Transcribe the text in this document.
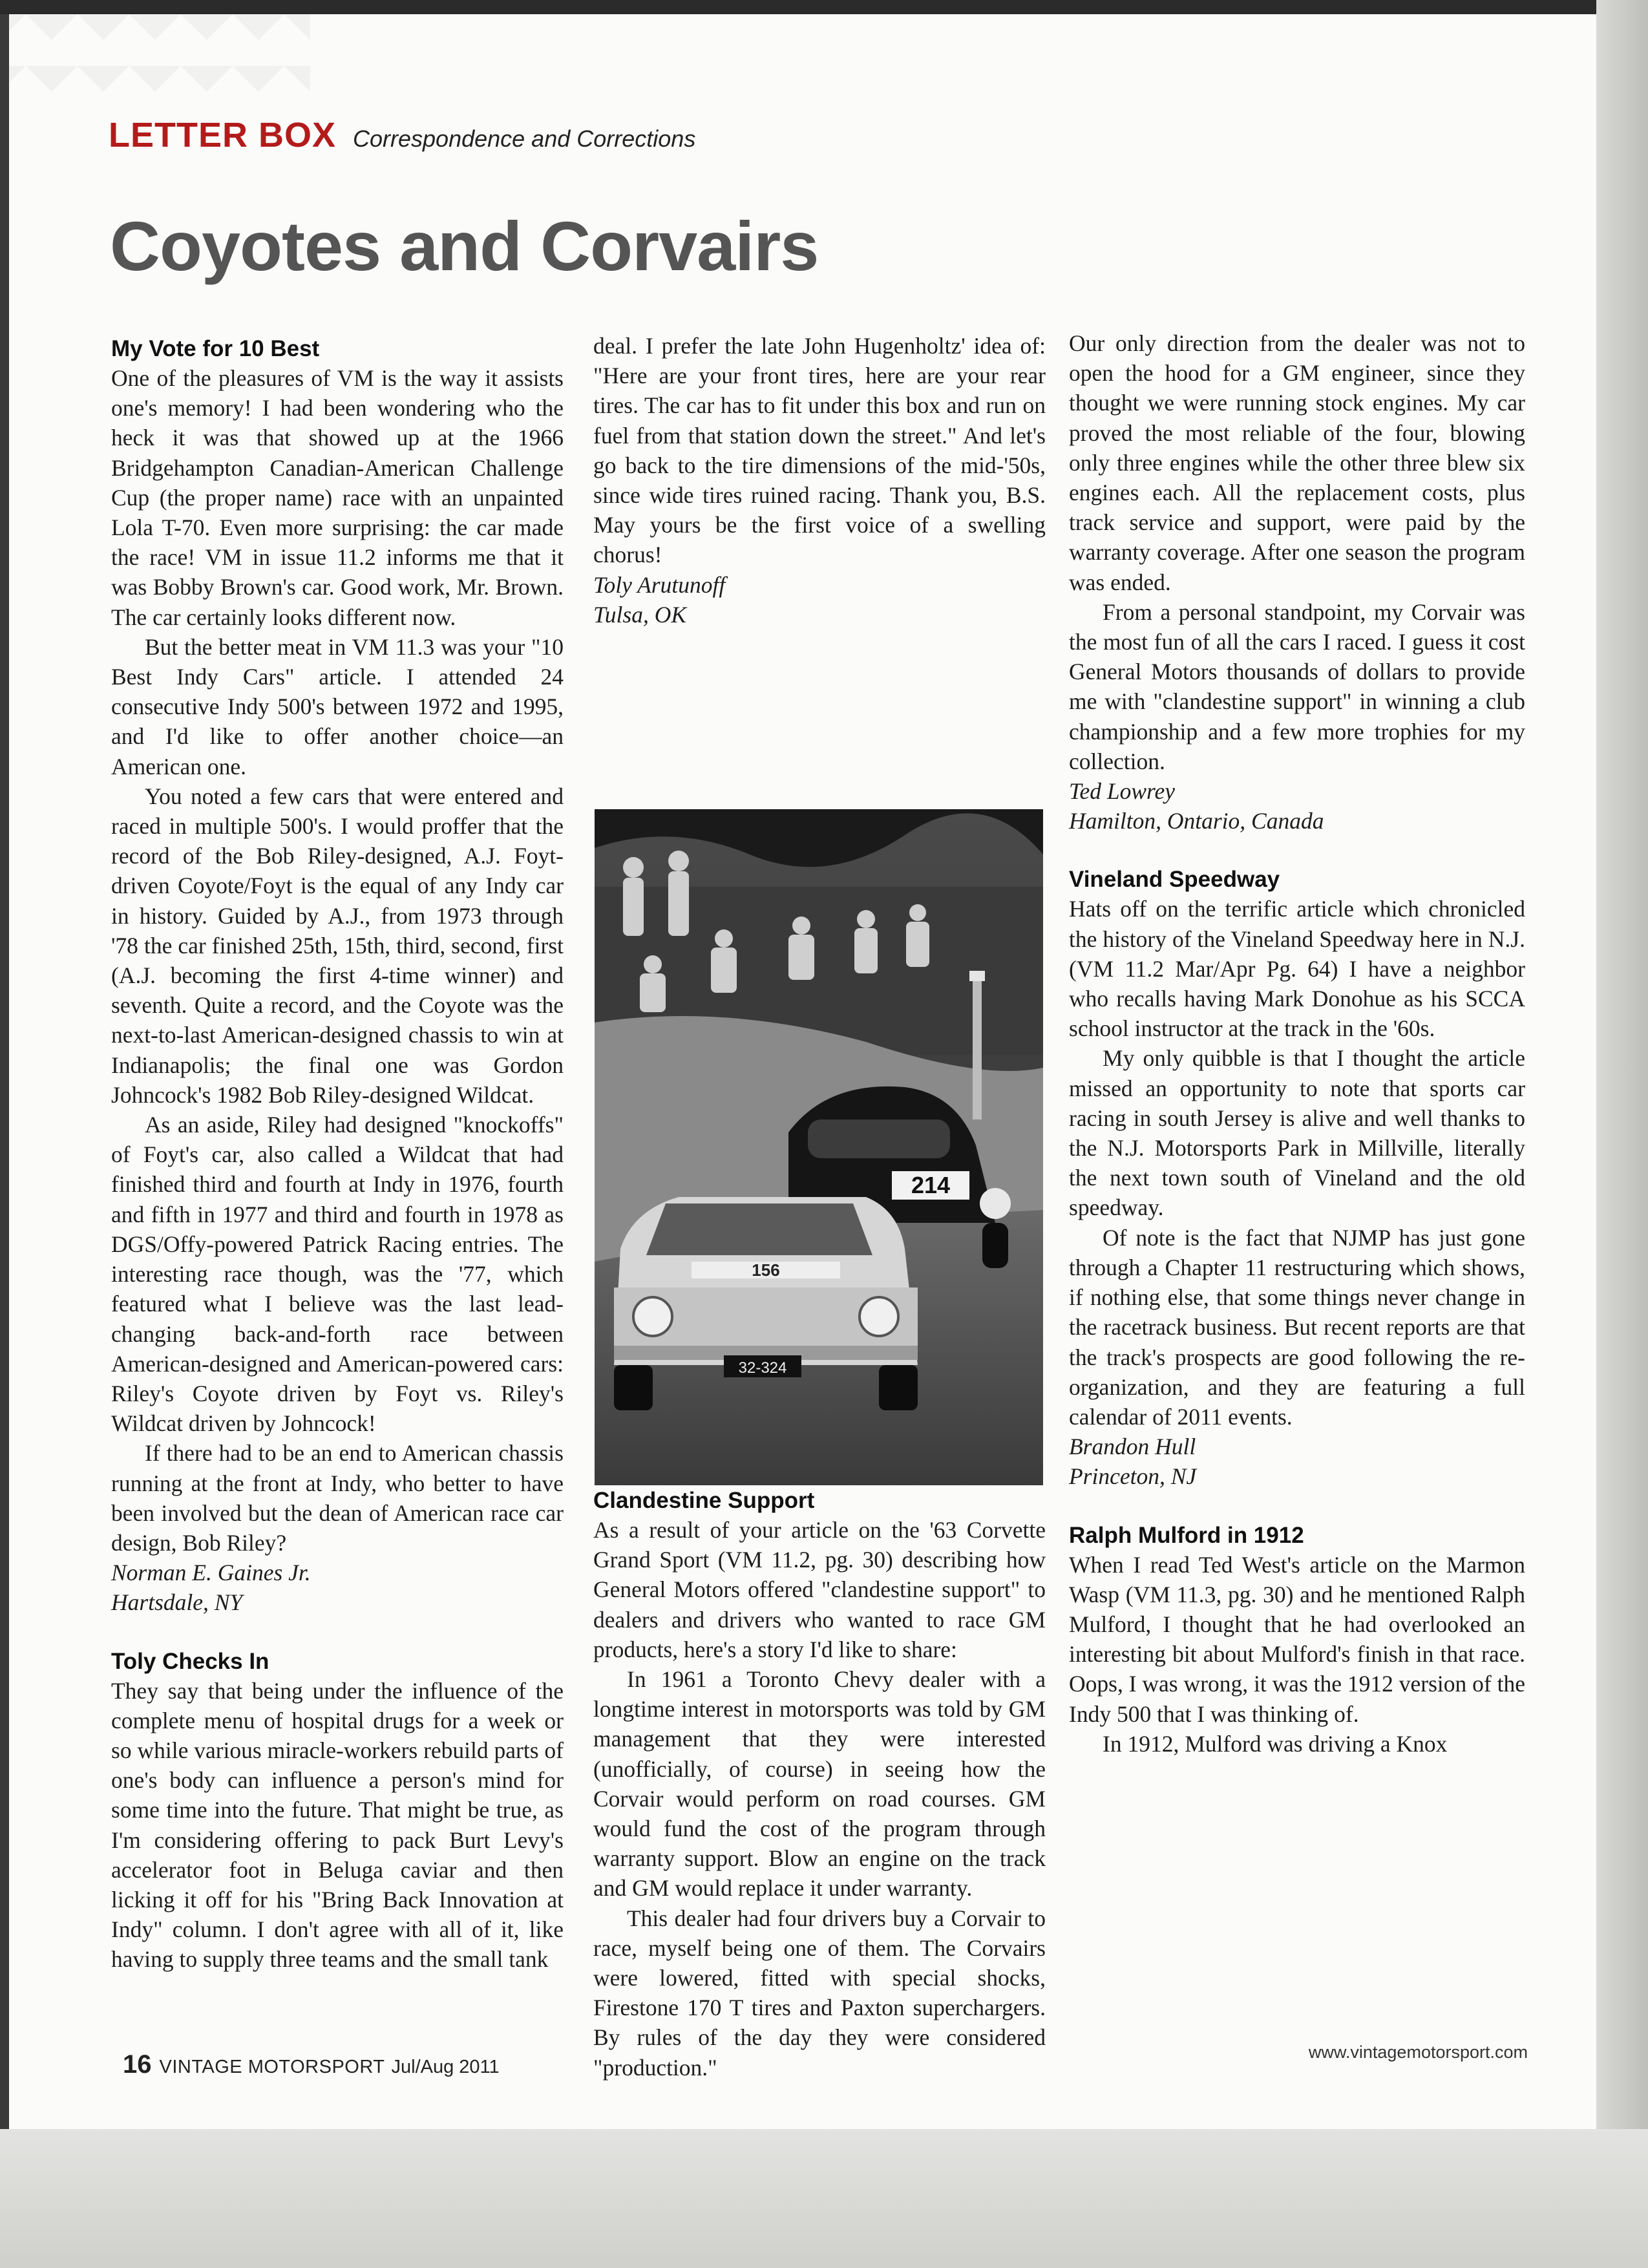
LETTER BOX Correspondence and Corrections
Coyotes and Corvairs
My Vote for 10 Best

One of the pleasures of VM is the way it assists one's memory! I had been wondering who the heck it was that showed up at the 1966 Bridgehampton Canadian-American Challenge Cup (the proper name) race with an unpainted Lola T-70. Even more surprising: the car made the race! VM in issue 11.2 informs me that it was Bobby Brown's car. Good work, Mr. Brown. The car certainly looks different now.

But the better meat in VM 11.3 was your "10 Best Indy Cars" article. I attended 24 consecutive Indy 500's between 1972 and 1995, and I'd like to offer another choice—an American one.

You noted a few cars that were entered and raced in multiple 500's. I would proffer that the record of the Bob Riley-designed, A.J. Foyt-driven Coyote/Foyt is the equal of any Indy car in history. Guided by A.J., from 1973 through '78 the car finished 25th, 15th, third, second, first (A.J. becoming the first 4-time winner) and seventh. Quite a record, and the Coyote was the next-to-last American-designed chassis to win at Indianapolis; the final one was Gordon Johncock's 1982 Bob Riley-designed Wildcat.

As an aside, Riley had designed "knockoffs" of Foyt's car, also called a Wildcat that had finished third and fourth at Indy in 1976, fourth and fifth in 1977 and third and fourth in 1978 as DGS/Offy-powered Patrick Racing entries. The interesting race though, was the '77, which featured what I believe was the last lead-changing back-and-forth race between American-designed and American-powered cars: Riley's Coyote driven by Foyt vs. Riley's Wildcat driven by Johncock!

If there had to be an end to American chassis running at the front at Indy, who better to have been involved but the dean of American race car design, Bob Riley?

Norman E. Gaines Jr.
Hartsdale, NY
Toly Checks In

They say that being under the influence of the complete menu of hospital drugs for a week or so while various miracle-workers rebuild parts of one's body can influence a person's mind for some time into the future. That might be true, as I'm considering offering to pack Burt Levy's accelerator foot in Beluga caviar and then licking it off for his "Bring Back Innovation at Indy" column. I don't agree with all of it, like having to supply three teams and the small tank

deal. I prefer the late John Hugenholtz' idea of: "Here are your front tires, here are your rear tires. The car has to fit under this box and run on fuel from that station down the street." And let's go back to the tire dimensions of the mid-'50s, since wide tires ruined racing. Thank you, B.S. May yours be the first voice of a swelling chorus!

214
156
32-324
Clandestine Support

As a result of your article on the '63 Corvette Grand Sport (VM 11.2, pg. 30) describing how General Motors offered "clandestine support" to dealers and drivers who wanted to race GM products, here's a story I'd like to share:

In 1961 a Toronto Chevy dealer with a longtime interest in motorsports was told by GM management that they were interested (unofficially, of course) in seeing how the Corvair would perform on road courses. GM would fund the cost of the program through warranty support. Blow an engine on the track and GM would replace it under warranty.

This dealer had four drivers buy a Corvair to race, myself being one of them. The Corvairs were lowered, fitted with special shocks, Firestone 170 T tires and Paxton superchargers. By rules of the day they were considered "production."

Our only direction from the dealer was not to open the hood for a GM engineer, since they thought we were running stock engines. My car proved the most reliable of the four, blowing only three engines while the other three blew six engines each. All the replacement costs, plus track service and support, were paid by the warranty coverage. After one season the program was ended.

From a personal standpoint, my Corvair was the most fun of all the cars I raced. I guess it cost General Motors thousands of dollars to provide me with "clandestine support" in winning a club championship and a few more trophies for my collection.

Ted Lowrey
Hamilton, Ontario, Canada
Vineland Speedway

Hats off on the terrific article which chronicled the history of the Vineland Speedway here in N.J. (VM 11.2 Mar/Apr Pg. 64) I have a neighbor who recalls having Mark Donohue as his SCCA school instructor at the track in the '60s.

My only quibble is that I thought the article missed an opportunity to note that sports car racing in south Jersey is alive and well thanks to the N.J. Motorsports Park in Millville, literally the next town south of Vineland and the old speedway.

Of note is the fact that NJMP has just gone through a Chapter 11 restructuring which shows, if nothing else, that some things never change in the racetrack business. But recent reports are that the track's prospects are good following the re-organization, and they are featuring a full calendar of 2011 events.

Brandon Hull
Princeton, NJ
Ralph Mulford in 1912

When I read Ted West's article on the Marmon Wasp (VM 11.3, pg. 30) and he mentioned Ralph Mulford, I thought that he had overlooked an interesting bit about Mulford's finish in that race. Oops, I was wrong, it was the 1912 version of the Indy 500 that I was thinking of.

In 1912, Mulford was driving a Knox

Toly Arutunoff
Tulsa, OK
16 VINTAGE MOTORSPORT Jul/Aug 2011
www.vintagemotorsport.com
